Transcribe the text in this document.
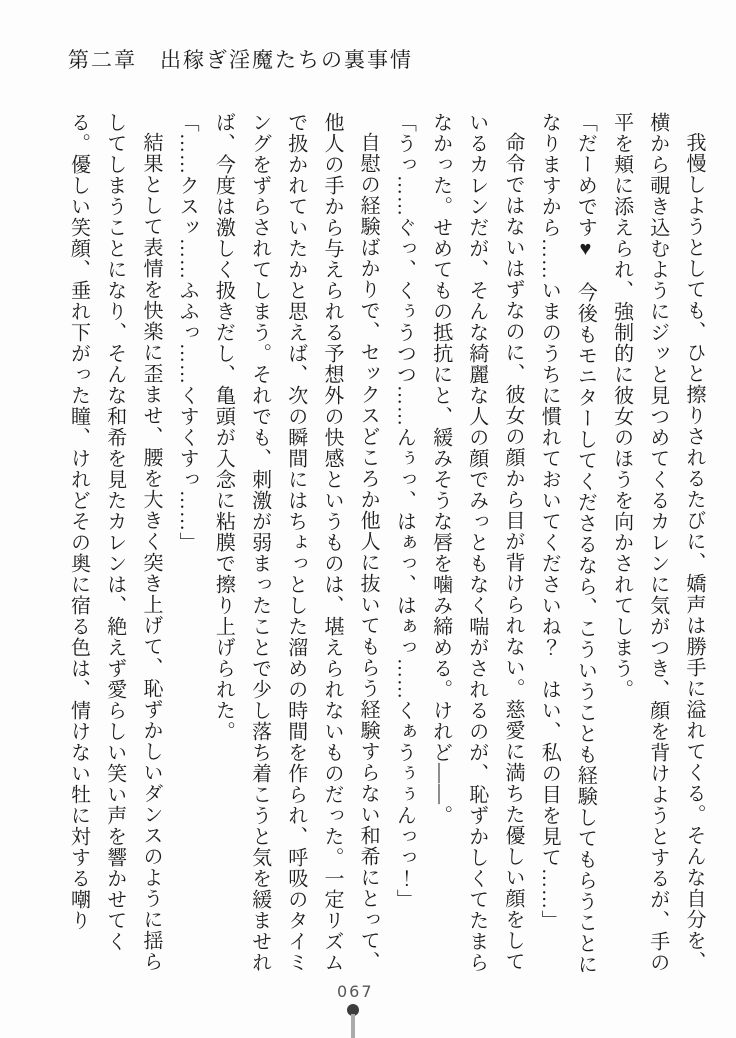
第二章　出稼ぎ淫魔たちの裏事情

我慢しようとしても、ひと擦りされるたびに、嬌声は勝手に溢れてくる。そんな自分を、横から覗き込むようにジッと見つめてくるカレンに気がつき、顔を背けようとするが、手の平を頬に添えられ、強制的に彼女のほうを向かされてしまう。

「だーめです♥　今後もモニターしてくださるなら、こういうことも経験してもらうことになりますから……いまのうちに慣れておいてくださいね？　はい、私の目を見て……」

命令ではないはずなのに、彼女の顔から目が背けられない。慈愛に満ちた優しい顔をしているカレンだが、そんな綺麗な人の顔でみっともなく喘がされるのが、恥ずかしくてたまらなかった。せめてもの抵抗にと、緩みそうな唇を噛み締める。けれど――。

「うっ……ぐっ、くぅうつつ……んぅっ、はぁっ、はぁっ……くぁうぅぅんっっ！」

自慰の経験ばかりで、セックスどころか他人に抜いてもらう経験すらない和希にとって、他人の手から与えられる予想外の快感というものは、堪えられないものだった。一定リズムで扱かれていたかと思えば、次の瞬間にはちょっとした溜めの時間を作られ、呼吸のタイミングをずらされてしまう。それでも、刺激が弱まったことで少し落ち着こうと気を緩ませれば、今度は激しく扱きだし、亀頭が入念に粘膜で擦り上げられた。

「……クスッ……ふふっ……くすくすっ……」

結果として表情を快楽に歪ませ、腰を大きく突き上げて、恥ずかしいダンスのように揺らしてしまうことになり、そんな和希を見たカレンは、絶えず愛らしい笑い声を響かせてくる。優しい笑顔、垂れ下がった瞳、けれどその奥に宿る色は、情けない牡に対する嘲り

067
